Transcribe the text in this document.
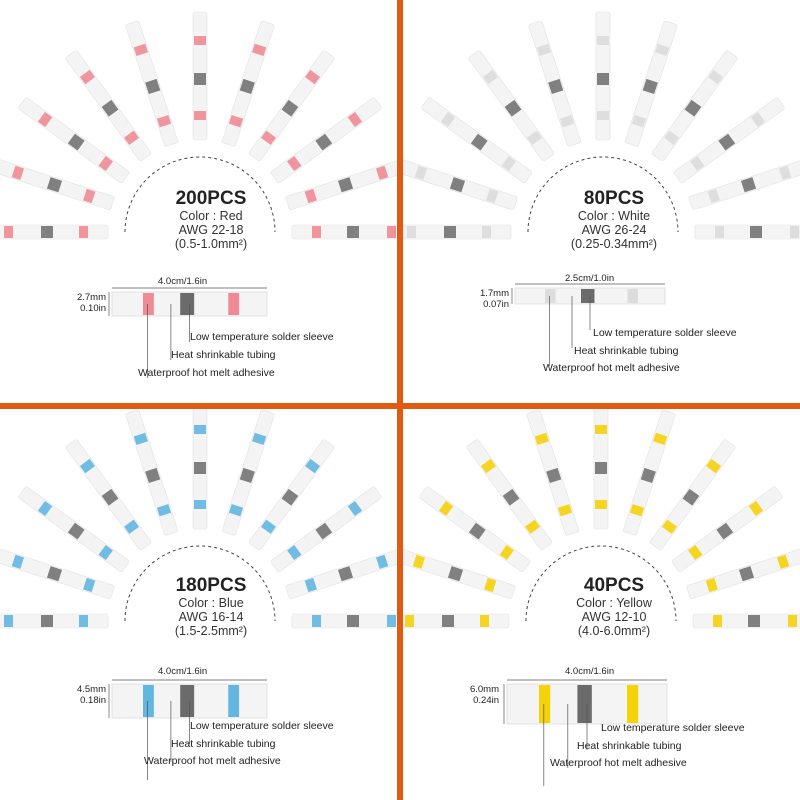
200PCS
Color : Red
AWG 22-18
(0.5-1.0mm²)
4.0cm/1.6in
2.7mm
0.10in
Low temperature solder sleeve
Heat shrinkable tubing
Waterproof hot melt adhesive
80PCS
Color : White
AWG 26-24
(0.25-0.34mm²)
2.5cm/1.0in
1.7mm
0.07in
Low temperature solder sleeve
Heat shrinkable tubing
Waterproof hot melt adhesive
180PCS
Color : Blue
AWG 16-14
(1.5-2.5mm²)
4.0cm/1.6in
4.5mm
0.18in
Low temperature solder sleeve
Heat shrinkable tubing
Waterproof hot melt adhesive
40PCS
Color : Yellow
AWG 12-10
(4.0-6.0mm²)
4.0cm/1.6in
6.0mm
0.24in
Low temperature solder sleeve
Heat shrinkable tubing
Waterproof hot melt adhesive
